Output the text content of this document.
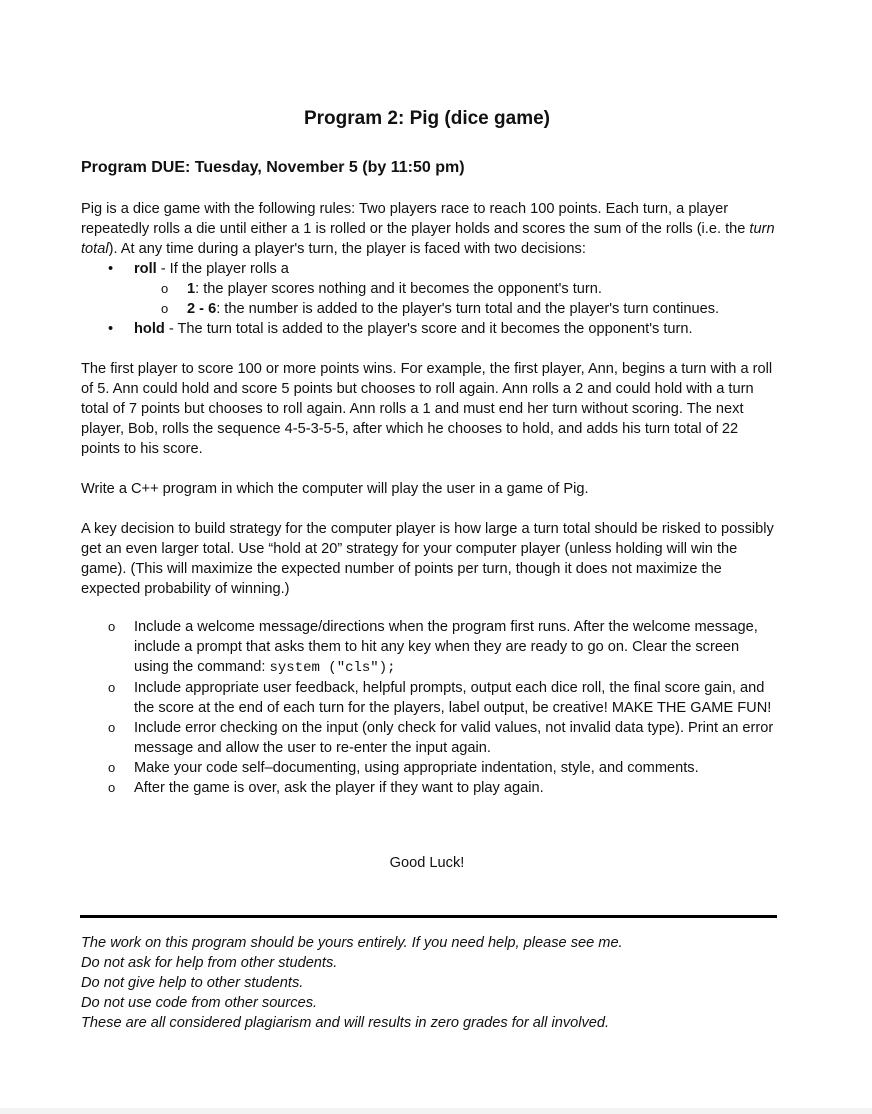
Program 2: Pig (dice game)
Program DUE: Tuesday, November 5 (by 11:50 pm)

Pig is a dice game with the following rules: Two players race to reach 100 points. Each turn, a player repeatedly rolls a die until either a 1 is rolled or the player holds and scores the sum of the rolls (i.e. the turn total). At any time during a player's turn, the player is faced with two decisions:

• roll - If the player rolls a
o 1: the player scores nothing and it becomes the opponent's turn.
o 2 - 6: the number is added to the player's turn total and the player's turn continues.
• hold - The turn total is added to the player's score and it becomes the opponent's turn.
The first player to score 100 or more points wins. For example, the first player, Ann, begins a turn with a roll of 5. Ann could hold and score 5 points but chooses to roll again. Ann rolls a 2 and could hold with a turn total of 7 points but chooses to roll again. Ann rolls a 1 and must end her turn without scoring. The next player, Bob, rolls the sequence 4-5-3-5-5, after which he chooses to hold, and adds his turn total of 22 points to his score.
Write a C++ program in which the computer will play the user in a game of Pig.
A key decision to build strategy for the computer player is how large a turn total should be risked to possibly get an even larger total. Use “hold at 20” strategy for your computer player (unless holding will win the game). (This will maximize the expected number of points per turn, though it does not maximize the expected probability of winning.)
o Include a welcome message/directions when the program first runs. After the welcome message, include a prompt that asks them to hit any key when they are ready to go on. Clear the screen using the command: system ("cls");
o Include appropriate user feedback, helpful prompts, output each dice roll, the final score gain, and the score at the end of each turn for the players, label output, be creative! MAKE THE GAME FUN!
o Include error checking on the input (only check for valid values, not invalid data type). Print an error message and allow the user to re-enter the input again.
o Make your code self–documenting, using appropriate indentation, style, and comments.
o After the game is over, ask the player if they want to play again.
Good Luck!
The work on this program should be yours entirely. If you need help, please see me.
Do not ask for help from other students.
Do not give help to other students.
Do not use code from other sources.
These are all considered plagiarism and will results in zero grades for all involved.
